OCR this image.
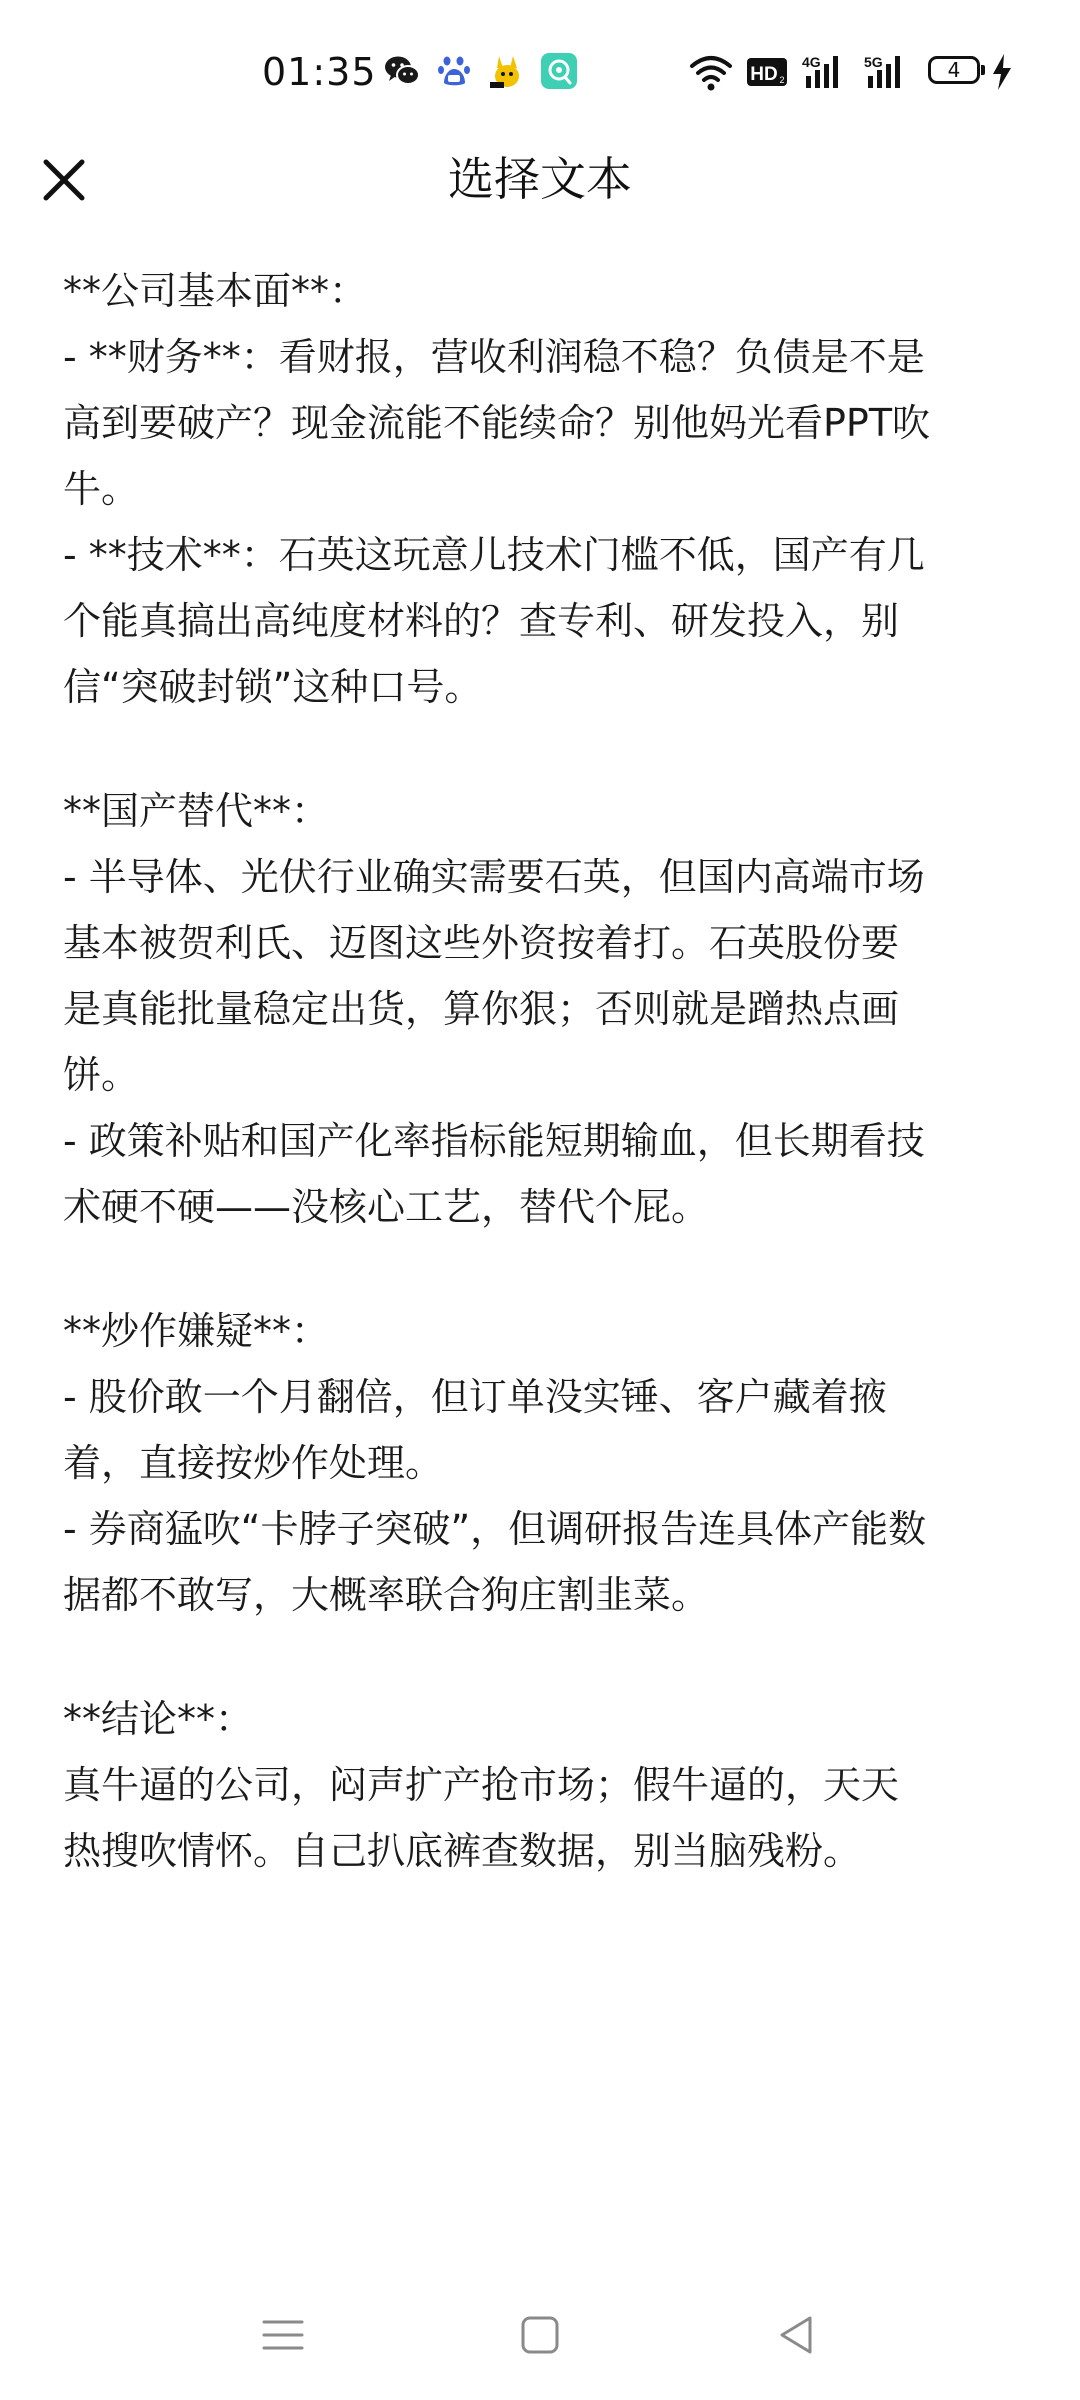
01:35	HD 2
4G	5G	4
选择文本
**公司基本面**：
- **财务**：看财报，营收利润稳不稳？负债是不是
高到要破产？现金流能不能续命？别他妈光看PPT吹
牛。
- **技术**：石英这玩意儿技术门槛不低，国产有几
个能真搞出高纯度材料的？查专利、研发投入，别
信“突破封锁”这种口号。
**国产替代**：
- 半导体、光伏行业确实需要石英，但国内高端市场
基本被贺利氏、迈图这些外资按着打。石英股份要
是真能批量稳定出货，算你狠；否则就是蹭热点画
饼。
- 政策补贴和国产化率指标能短期输血，但长期看技
术硬不硬——没核心工艺，替代个屁。
**炒作嫌疑**：
- 股价敢一个月翻倍，但订单没实锤、客户藏着掖
着，直接按炒作处理。
- 券商猛吹“卡脖子突破”，但调研报告连具体产能数
据都不敢写，大概率联合狗庄割韭菜。
**结论**：
真牛逼的公司，闷声扩产抢市场；假牛逼的，天天
热搜吹情怀。自己扒底裤查数据，别当脑残粉。
